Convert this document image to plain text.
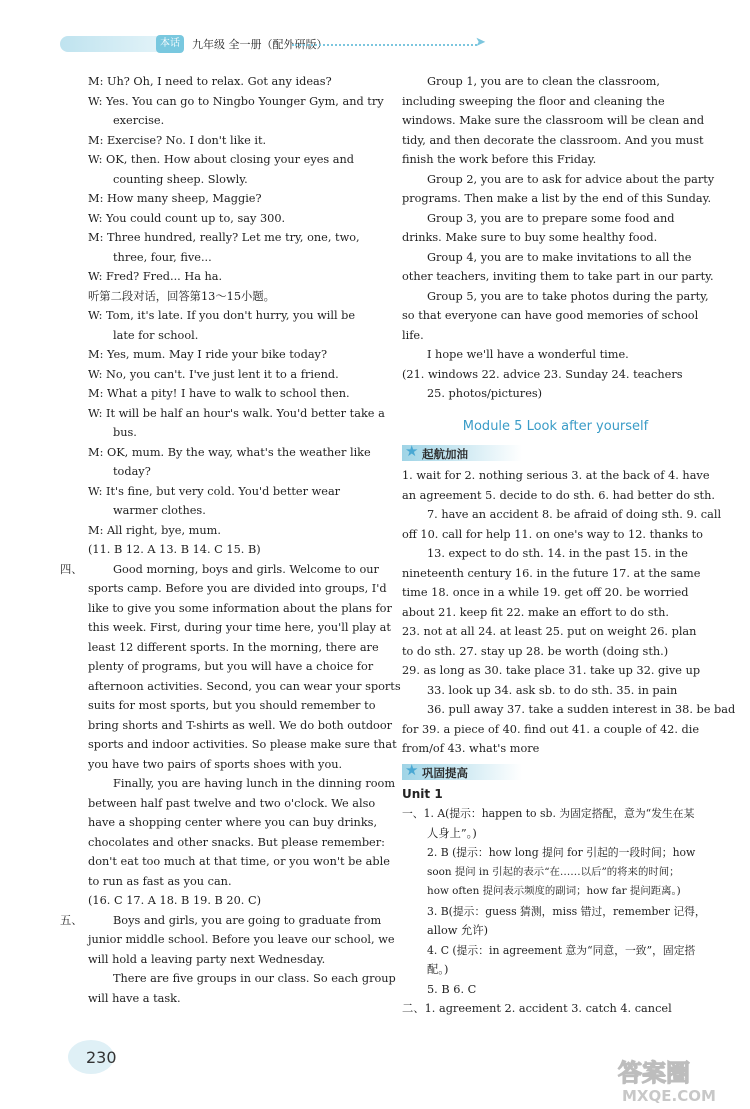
本话	九年级 全一册（配外研版）	➤
M: Uh? Oh, I need to relax. Got any ideas?
W: Yes. You can go to Ningbo Younger Gym, and try
exercise.
M: Exercise? No. I don't like it.
W: OK, then. How about closing your eyes and
counting sheep. Slowly.
M: How many sheep, Maggie?
W: You could count up to, say 300.
M: Three hundred, really? Let me try, one, two,
three, four, five...
W: Fred? Fred... Ha ha.
听第二段对话，回答第13～15小题。
W: Tom, it's late. If you don't hurry, you will be
late for school.
M: Yes, mum. May I ride your bike today?
W: No, you can't. I've just lent it to a friend.
M: What a pity! I have to walk to school then.
W: It will be half an hour's walk. You'd better take a
bus.
M: OK, mum. By the way, what's the weather like
today?
W: It's fine, but very cold. You'd better wear
warmer clothes.
M: All right, bye, mum.
(11. B 12. A 13. B 14. C 15. B)
四、	Good morning, boys and girls. Welcome to our
sports camp. Before you are divided into groups, I'd
like to give you some information about the plans for
this week. First, during your time here, you'll play at
least 12 different sports. In the morning, there are
plenty of programs, but you will have a choice for
afternoon activities. Second, you can wear your sports
suits for most sports, but you should remember to
bring shorts and T-shirts as well. We do both outdoor
sports and indoor activities. So please make sure that
you have two pairs of sports shoes with you.
Finally, you are having lunch in the dinning room
between half past twelve and two o'clock. We also
have a shopping center where you can buy drinks,
chocolates and other snacks. But please remember:
don't eat too much at that time, or you won't be able
to run as fast as you can.
(16. C 17. A 18. B 19. B 20. C)
五、	Boys and girls, you are going to graduate from
junior middle school. Before you leave our school, we
will hold a leaving party next Wednesday.
There are five groups in our class. So each group
will have a task.
Group 1, you are to clean the classroom,
including sweeping the floor and cleaning the
windows. Make sure the classroom will be clean and
tidy, and then decorate the classroom. And you must
finish the work before this Friday.
Group 2, you are to ask for advice about the party
programs. Then make a list by the end of this Sunday.
Group 3, you are to prepare some food and
drinks. Make sure to buy some healthy food.
Group 4, you are to make invitations to all the
other teachers, inviting them to take part in our party.
Group 5, you are to take photos during the party,
so that everyone can have good memories of school
life.
I hope we'll have a wonderful time.
(21. windows 22. advice 23. Sunday 24. teachers
25. photos/pictures)
Module 5 Look after yourself
★ 起航加油
1. wait for 2. nothing serious 3. at the back of 4. have
an agreement 5. decide to do sth. 6. had better do sth.
7. have an accident 8. be afraid of doing sth. 9. call
off 10. call for help 11. on one's way to 12. thanks to
13. expect to do sth. 14. in the past 15. in the
nineteenth century 16. in the future 17. at the same
time 18. once in a while 19. get off 20. be worried
about 21. keep fit 22. make an effort to do sth.
23. not at all 24. at least 25. put on weight 26. plan
to do sth. 27. stay up 28. be worth (doing sth.)
29. as long as 30. take place 31. take up 32. give up
33. look up 34. ask sb. to do sth. 35. in pain
36. pull away 37. take a sudden interest in 38. be bad
for 39. a piece of 40. find out 41. a couple of 42. die
from/of 43. what's more
★ 巩固提高
Unit 1
一、1. A(提示：happen to sb. 为固定搭配，意为“发生在某
人身上”。)
2. B (提示：how long 提问 for 引起的一段时间；how
soon 提问 in 引起的表示“在……以后”的将来的时间；
how often 提问表示频度的副词；how far 提问距离。)
3. B(提示：guess 猜测，miss 错过，remember 记得，
allow 允许)
4. C (提示：in agreement 意为“同意，一致”，固定搭
配。)
5. B 6. C
二、1. agreement 2. accident 3. catch 4. cancel
230
答案圈
MXQE.COM
